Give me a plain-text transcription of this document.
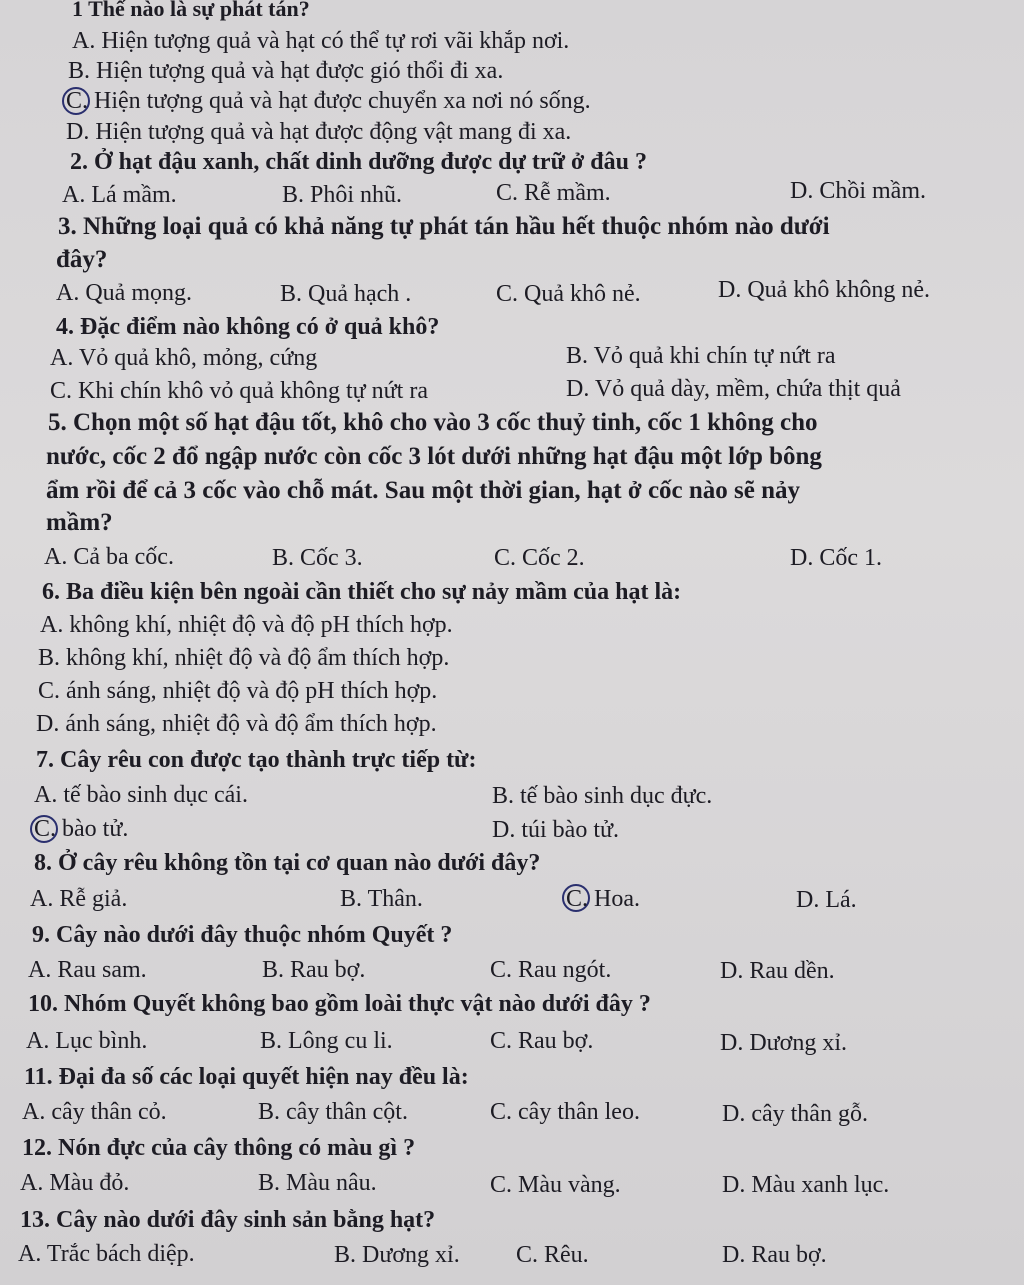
1 Thế nào là sự phát tán?
A. Hiện tượng quả và hạt có thể tự rơi vãi khắp nơi.
B. Hiện tượng quả và hạt được gió thổi đi xa.
C. Hiện tượng quả và hạt được chuyển xa nơi nó sống.
D. Hiện tượng quả và hạt được động vật mang đi xa.
2. Ở hạt đậu xanh, chất dinh dưỡng được dự trữ ở đâu ?
A. Lá mầm.	B. Phôi nhũ.	C. Rễ mầm.	D. Chồi mầm.
3. Những loại quả có khả năng tự phát tán hầu hết thuộc nhóm nào dưới
đây?
A. Quả mọng.	B. Quả hạch .	C. Quả khô nẻ.	D. Quả khô không nẻ.
4. Đặc điểm nào không có ở quả khô?
A. Vỏ quả khô, mỏng, cứng	B. Vỏ quả khi chín tự nứt ra
C. Khi chín khô vỏ quả không tự nứt ra	D. Vỏ quả dày, mềm, chứa thịt quả
5. Chọn một số hạt đậu tốt, khô cho vào 3 cốc thuỷ tinh, cốc 1 không cho
nước, cốc 2 đổ ngập nước còn cốc 3 lót dưới những hạt đậu một lớp bông
ẩm rồi để cả 3 cốc vào chỗ mát. Sau một thời gian, hạt ở cốc nào sẽ nảy
mầm?
A. Cả ba cốc.	B. Cốc 3.	C. Cốc 2.	D. Cốc 1.
6. Ba điều kiện bên ngoài cần thiết cho sự nảy mầm của hạt là:
A. không khí, nhiệt độ và độ pH thích hợp.
B. không khí, nhiệt độ và độ ẩm thích hợp.
C. ánh sáng, nhiệt độ và độ pH thích hợp.
D. ánh sáng, nhiệt độ và độ ẩm thích hợp.
7. Cây rêu con được tạo thành trực tiếp từ:
A. tế bào sinh dục cái.	B. tế bào sinh dục đực.
C. bào tử.	D. túi bào tử.
8. Ở cây rêu không tồn tại cơ quan nào dưới đây?
A. Rễ giả.	B. Thân.	C. Hoa.	D. Lá.
9. Cây nào dưới đây thuộc nhóm Quyết ?
A. Rau sam.	B. Rau bợ.	C. Rau ngót.	D. Rau dền.
10. Nhóm Quyết không bao gồm loài thực vật nào dưới đây ?
A. Lục bình.	B. Lông cu li.	C. Rau bợ.	D. Dương xỉ.
11. Đại đa số các loại quyết hiện nay đều là:
A. cây thân cỏ.	B. cây thân cột.	C. cây thân leo.	D. cây thân gỗ.
12. Nón đực của cây thông có màu gì ?
A. Màu đỏ.	B. Màu nâu.	C. Màu vàng.	D. Màu xanh lục.
13. Cây nào dưới đây sinh sản bằng hạt?
A. Trắc bách diệp.	B. Dương xỉ. C. Rêu.	D. Rau bợ.
